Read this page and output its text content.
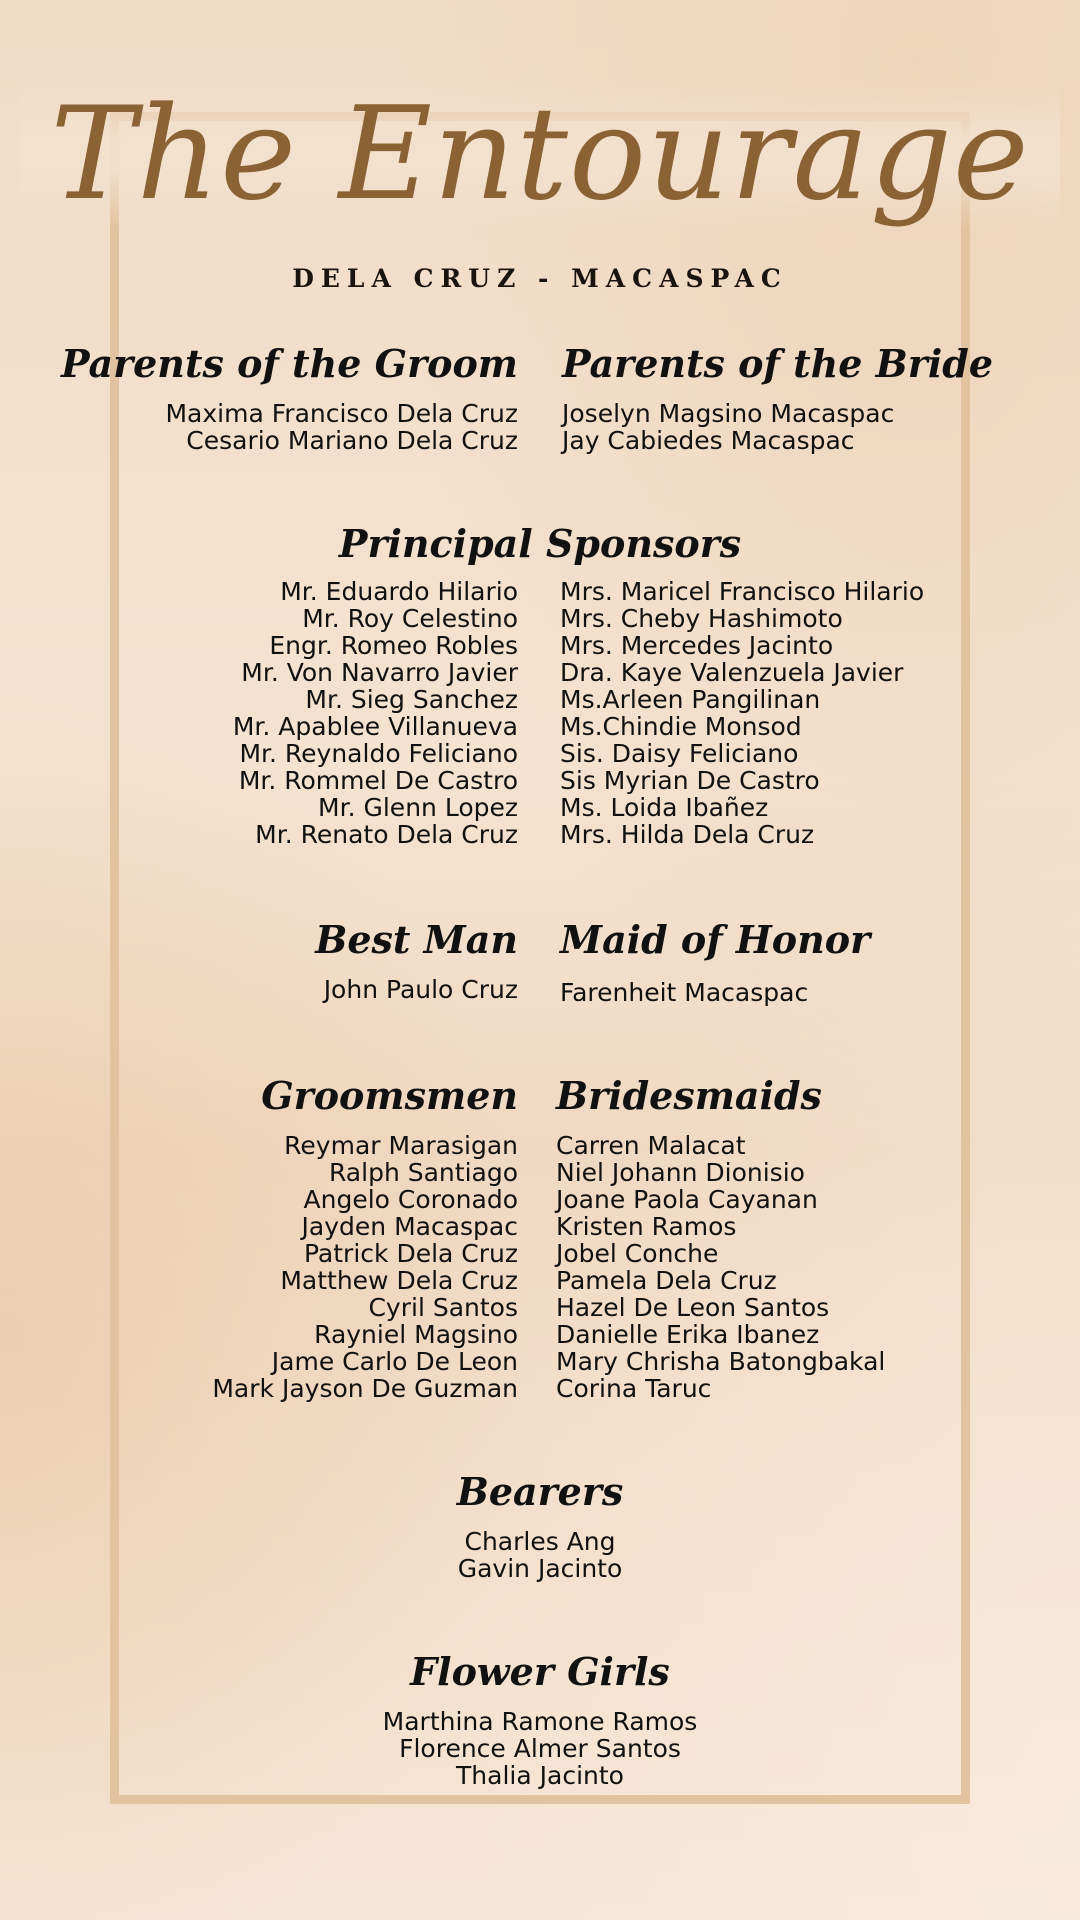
The Entourage
DELA CRUZ - MACASPAC
Parents of the Groom
Maxima Francisco Dela Cruz
Cesario Mariano Dela Cruz
Parents of the Bride
Joselyn Magsino Macaspac
Jay Cabiedes Macaspac
Principal Sponsors
Mr. Eduardo Hilario
Mr. Roy Celestino
Engr. Romeo Robles
Mr. Von Navarro Javier
Mr. Sieg Sanchez
Mr. Apablee Villanueva
Mr. Reynaldo Feliciano
Mr. Rommel De Castro
Mr. Glenn Lopez
Mr. Renato Dela Cruz
Mrs. Maricel Francisco Hilario
Mrs. Cheby Hashimoto
Mrs. Mercedes Jacinto
Dra. Kaye Valenzuela Javier
Ms.Arleen Pangilinan
Ms.Chindie Monsod
Sis. Daisy Feliciano
Sis Myrian De Castro
Ms. Loida Ibañez
Mrs. Hilda Dela Cruz
Best Man
John Paulo Cruz
Maid of Honor
Farenheit Macaspac
Groomsmen
Reymar Marasigan
Ralph Santiago
Angelo Coronado
Jayden Macaspac
Patrick Dela Cruz
Matthew Dela Cruz
Cyril Santos
Rayniel Magsino
Jame Carlo De Leon
Mark Jayson De Guzman
Bridesmaids
Carren Malacat
Niel Johann Dionisio
Joane Paola Cayanan
Kristen Ramos
Jobel Conche
Pamela Dela Cruz
Hazel De Leon Santos
Danielle Erika Ibanez
Mary Chrisha Batongbakal
Corina Taruc
Bearers
Charles Ang
Gavin Jacinto
Flower Girls
Marthina Ramone Ramos
Florence Almer Santos
Thalia Jacinto
